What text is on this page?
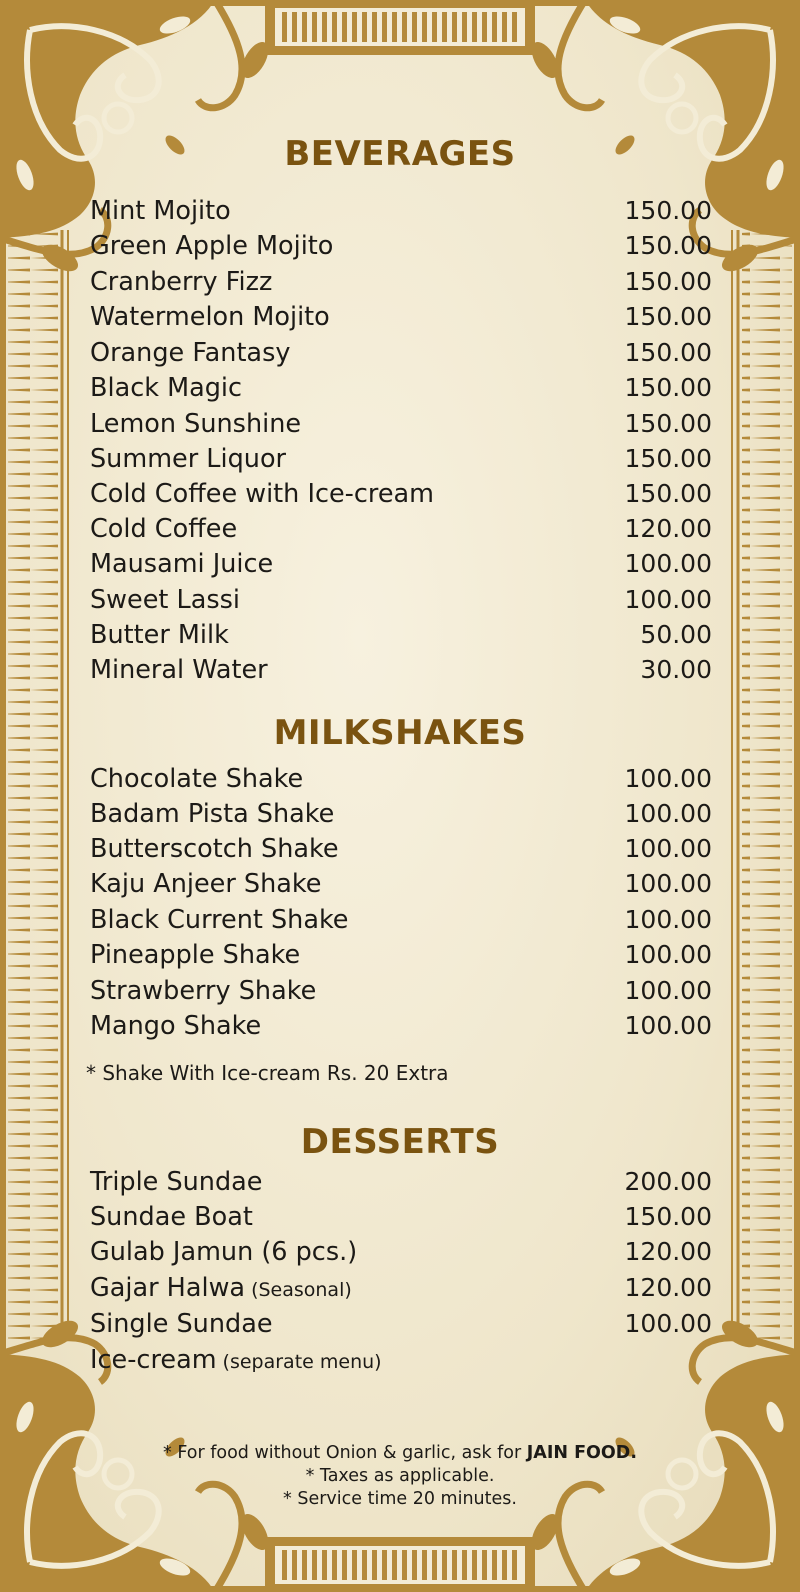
BEVERAGES
Mint Mojito	150.00
Green Apple Mojito	150.00
Cranberry Fizz	150.00
Watermelon Mojito	150.00
Orange Fantasy	150.00
Black Magic	150.00
Lemon Sunshine	150.00
Summer Liquor	150.00
Cold Coffee with Ice-cream	150.00
Cold Coffee	120.00
Mausami Juice	100.00
Sweet Lassi	100.00
Butter Milk	50.00
Mineral Water	30.00
MILKSHAKES
Chocolate Shake	100.00
Badam Pista Shake	100.00
Butterscotch Shake	100.00
Kaju Anjeer Shake	100.00
Black Current Shake	100.00
Pineapple Shake	100.00
Strawberry Shake	100.00
Mango Shake	100.00
* Shake With Ice-cream Rs. 20 Extra
DESSERTS
Triple Sundae	200.00
Sundae Boat	150.00
Gulab Jamun (6 pcs.)	120.00
Gajar Halwa (Seasonal)	120.00
Single Sundae	100.00
Ice-cream (separate menu)
* For food without Onion & garlic, ask for JAIN FOOD.
* Taxes as applicable.
* Service time 20 minutes.
